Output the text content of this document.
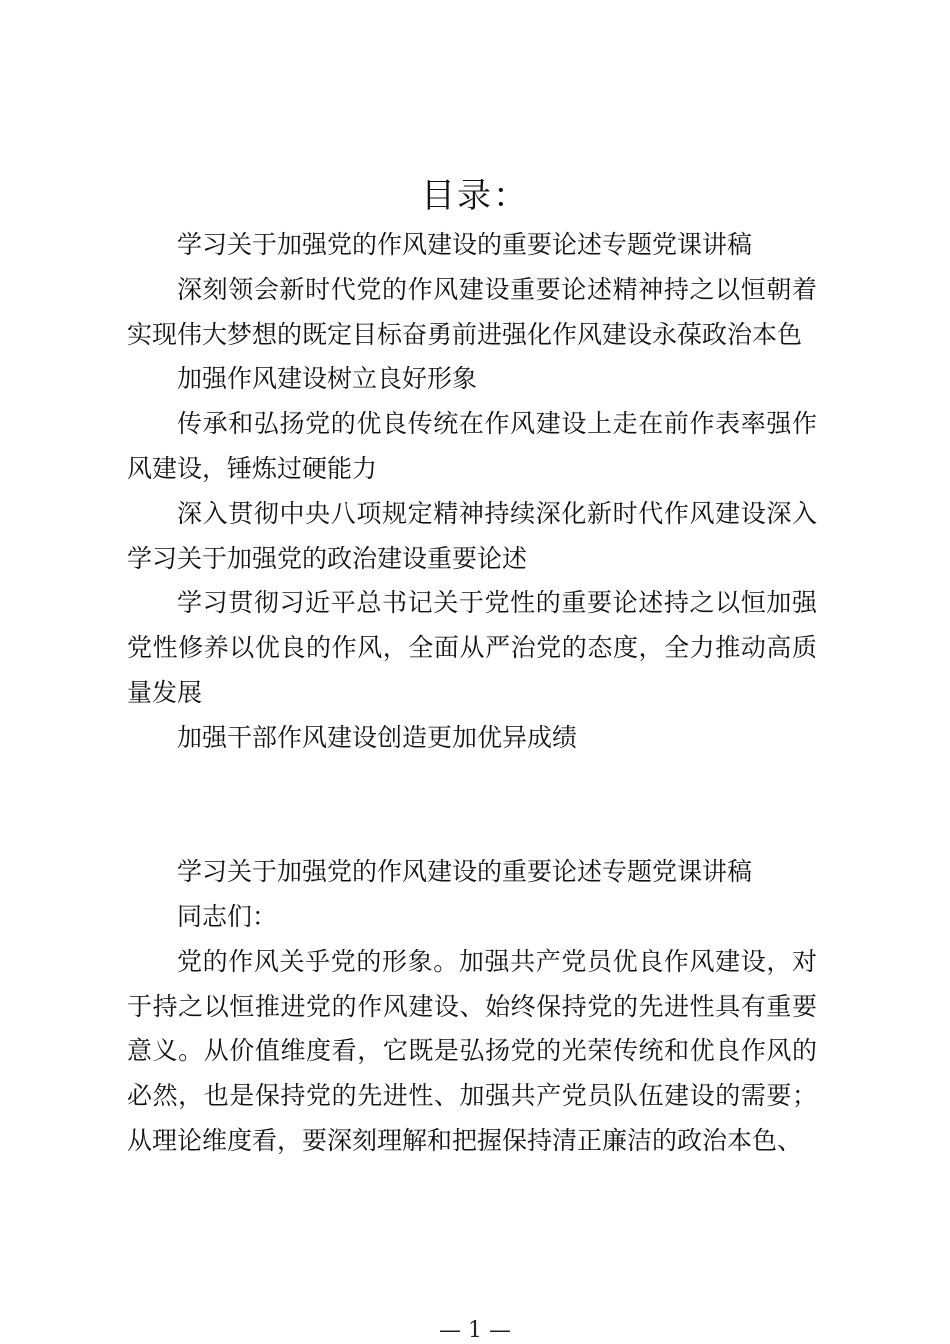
目录：

学习关于加强党的作风建设的重要论述专题党课讲稿

深刻领会新时代党的作风建设重要论述精神持之以恒朝着实现伟大梦想的既定目标奋勇前进强化作风建设永葆政治本色

加强作风建设树立良好形象

传承和弘扬党的优良传统在作风建设上走在前作表率强作风建设，锤炼过硬能力

深入贯彻中央八项规定精神持续深化新时代作风建设深入学习关于加强党的政治建设重要论述

学习贯彻习近平总书记关于党性的重要论述持之以恒加强党性修养以优良的作风，全面从严治党的态度，全力推动高质量发展

加强干部作风建设创造更加优异成绩

学习关于加强党的作风建设的重要论述专题党课讲稿

同志们：

党的作风关乎党的形象。加强共产党员优良作风建设，对于持之以恒推进党的作风建设、始终保持党的先进性具有重要意义。从价值维度看，它既是弘扬党的光荣传统和优良作风的必然，也是保持党的先进性、加强共产党员队伍建设的需要；从理论维度看，要深刻理解和把握保持清正廉洁的政治本色、

— 1 —
